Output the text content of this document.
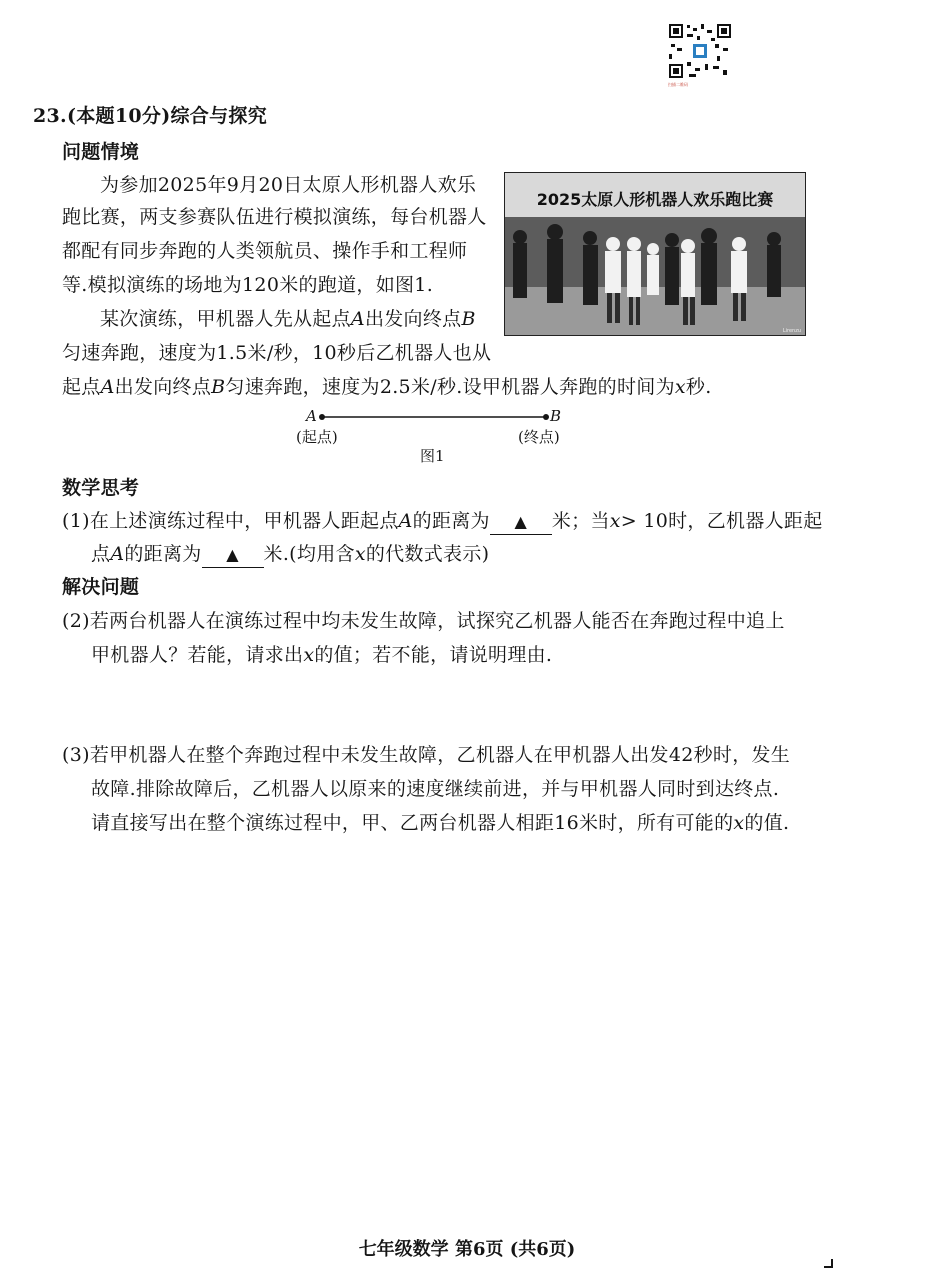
扫描二维码
23.(本题10分)综合与探究
问题情境
为参加2025年9月20日太原人形机器人欢乐
跑比赛，两支参赛队伍进行模拟演练，每台机器人
都配有同步奔跑的人类领航员、操作手和工程师
等.模拟演练的场地为120米的跑道，如图1.
某次演练，甲机器人先从起点A出发向终点B
匀速奔跑，速度为1.5米/秒，10秒后乙机器人也从
起点A出发向终点B匀速奔跑，速度为2.5米/秒.设甲机器人奔跑的时间为x秒.
2025太原人形机器人欢乐跑比赛
Lirenzu
A	B
(起点)	(终点)
图1
数学思考
(1)在上述演练过程中，甲机器人距起点A的距离为 ▲ 米；当x> 10时，乙机器人距起
点A的距离为 ▲ 米.(均用含x的代数式表示)
解决问题
(2)若两台机器人在演练过程中均未发生故障，试探究乙机器人能否在奔跑过程中追上
甲机器人？若能，请求出x的值；若不能，请说明理由.
(3)若甲机器人在整个奔跑过程中未发生故障，乙机器人在甲机器人出发42秒时，发生
故障.排除故障后，乙机器人以原来的速度继续前进，并与甲机器人同时到达终点.
请直接写出在整个演练过程中，甲、乙两台机器人相距16米时，所有可能的x的值.
七年级数学 第6页 (共6页)
